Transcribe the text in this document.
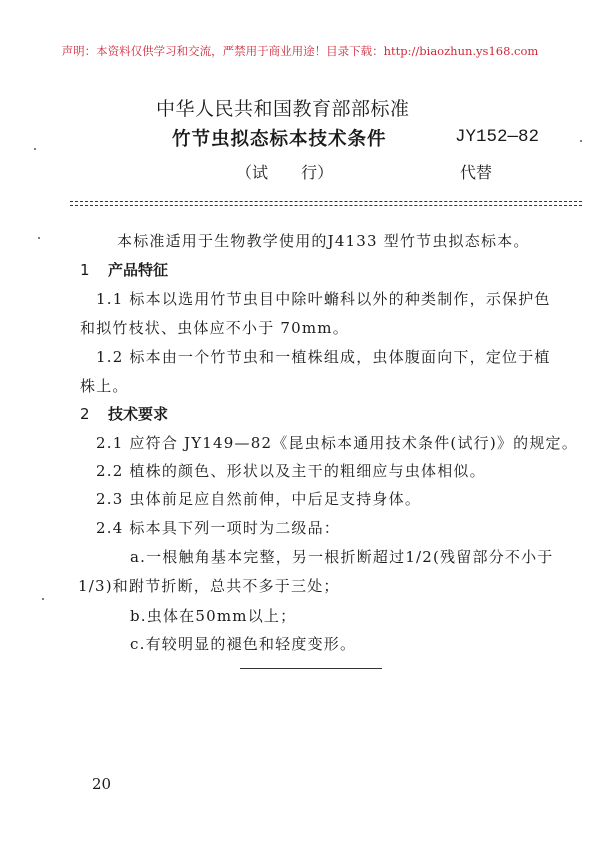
声明：本资料仅供学习和交流，严禁用于商业用途！目录下载：http://biaozhun.ys168.com
中华人民共和国教育部部标准
竹节虫拟态标本技术条件	JY152—82
（试 行）	代替
本标准适用于生物教学使用的J4133 型竹节虫拟态标本。
1 产品特征
1.1 标本以选用竹节虫目中除叶䗛科以外的种类制作，示保护色
和拟竹枝状、虫体应不小于 70mm。
1.2 标本由一个竹节虫和一植株组成，虫体腹面向下，定位于植
株上。
2 技术要求
2.1 应符合 JY149—82《昆虫标本通用技术条件(试行)》的规定。
2.2 植株的颜色、形状以及主干的粗细应与虫体相似。
2.3 虫体前足应自然前伸，中后足支持身体。
2.4 标本具下列一项时为二级品：
a.一根触角基本完整，另一根折断超过1/2(残留部分不小于
1/3)和跗节折断，总共不多于三处；
b.虫体在50mm以上；
c.有较明显的褪色和轻度变形。
20
